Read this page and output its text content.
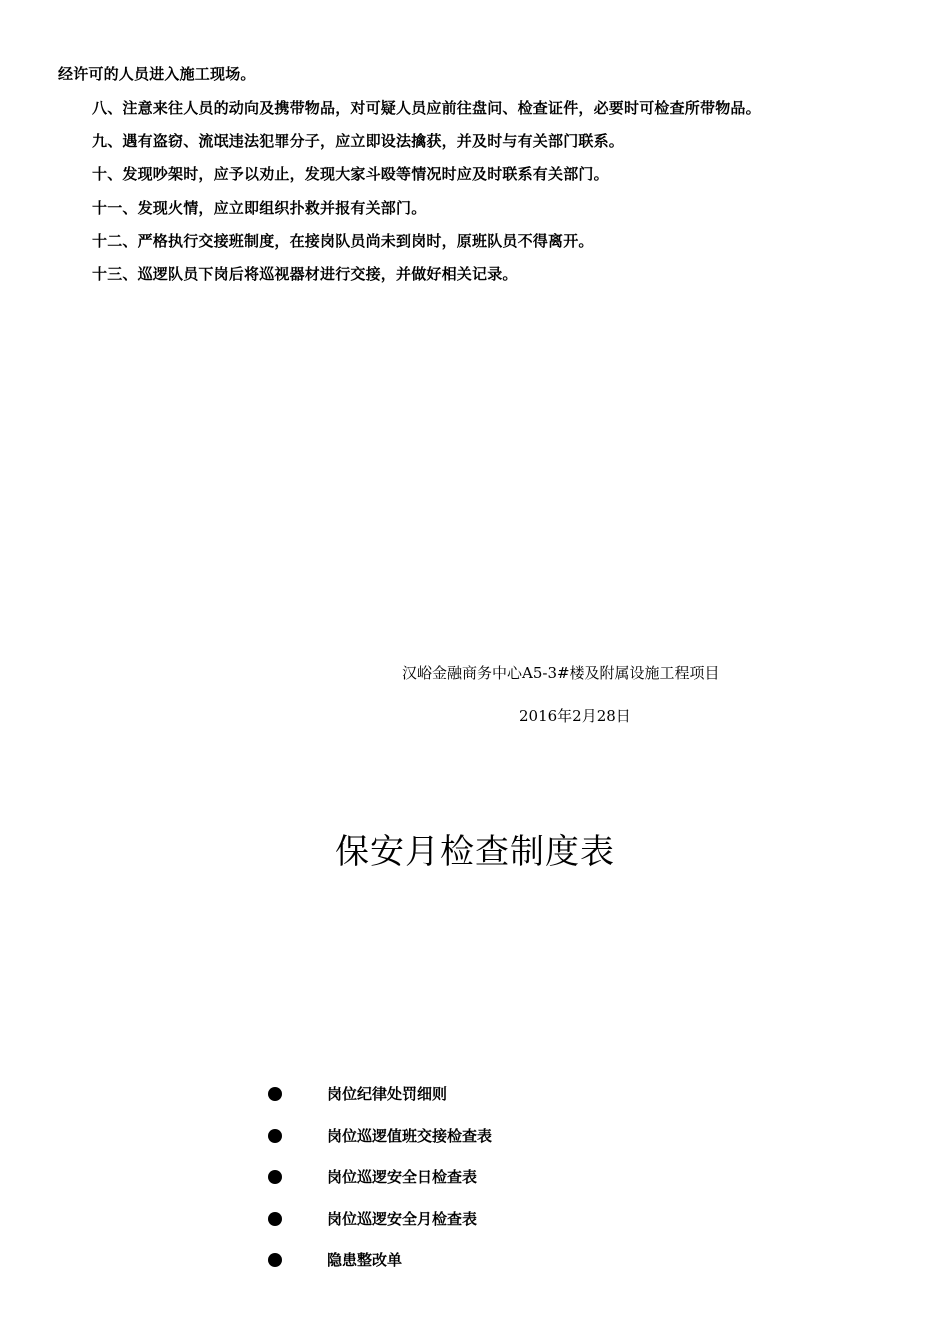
经许可的人员进入施工现场。
八、注意来往人员的动向及携带物品，对可疑人员应前往盘问、检查证件，必要时可检查所带物品。
九、遇有盗窃、流氓违法犯罪分子，应立即设法擒获，并及时与有关部门联系。
十、发现吵架时，应予以劝止，发现大家斗殴等情况时应及时联系有关部门。
十一、发现火情，应立即组织扑救并报有关部门。
十二、严格执行交接班制度，在接岗队员尚未到岗时，原班队员不得离开。
十三、巡逻队员下岗后将巡视器材进行交接，并做好相关记录。
汉峪金融商务中心A5-3#楼及附属设施工程项目
2016年2月28日
保安月检查制度表
岗位纪律处罚细则
岗位巡逻值班交接检查表
岗位巡逻安全日检查表
岗位巡逻安全月检查表
隐患整改单
